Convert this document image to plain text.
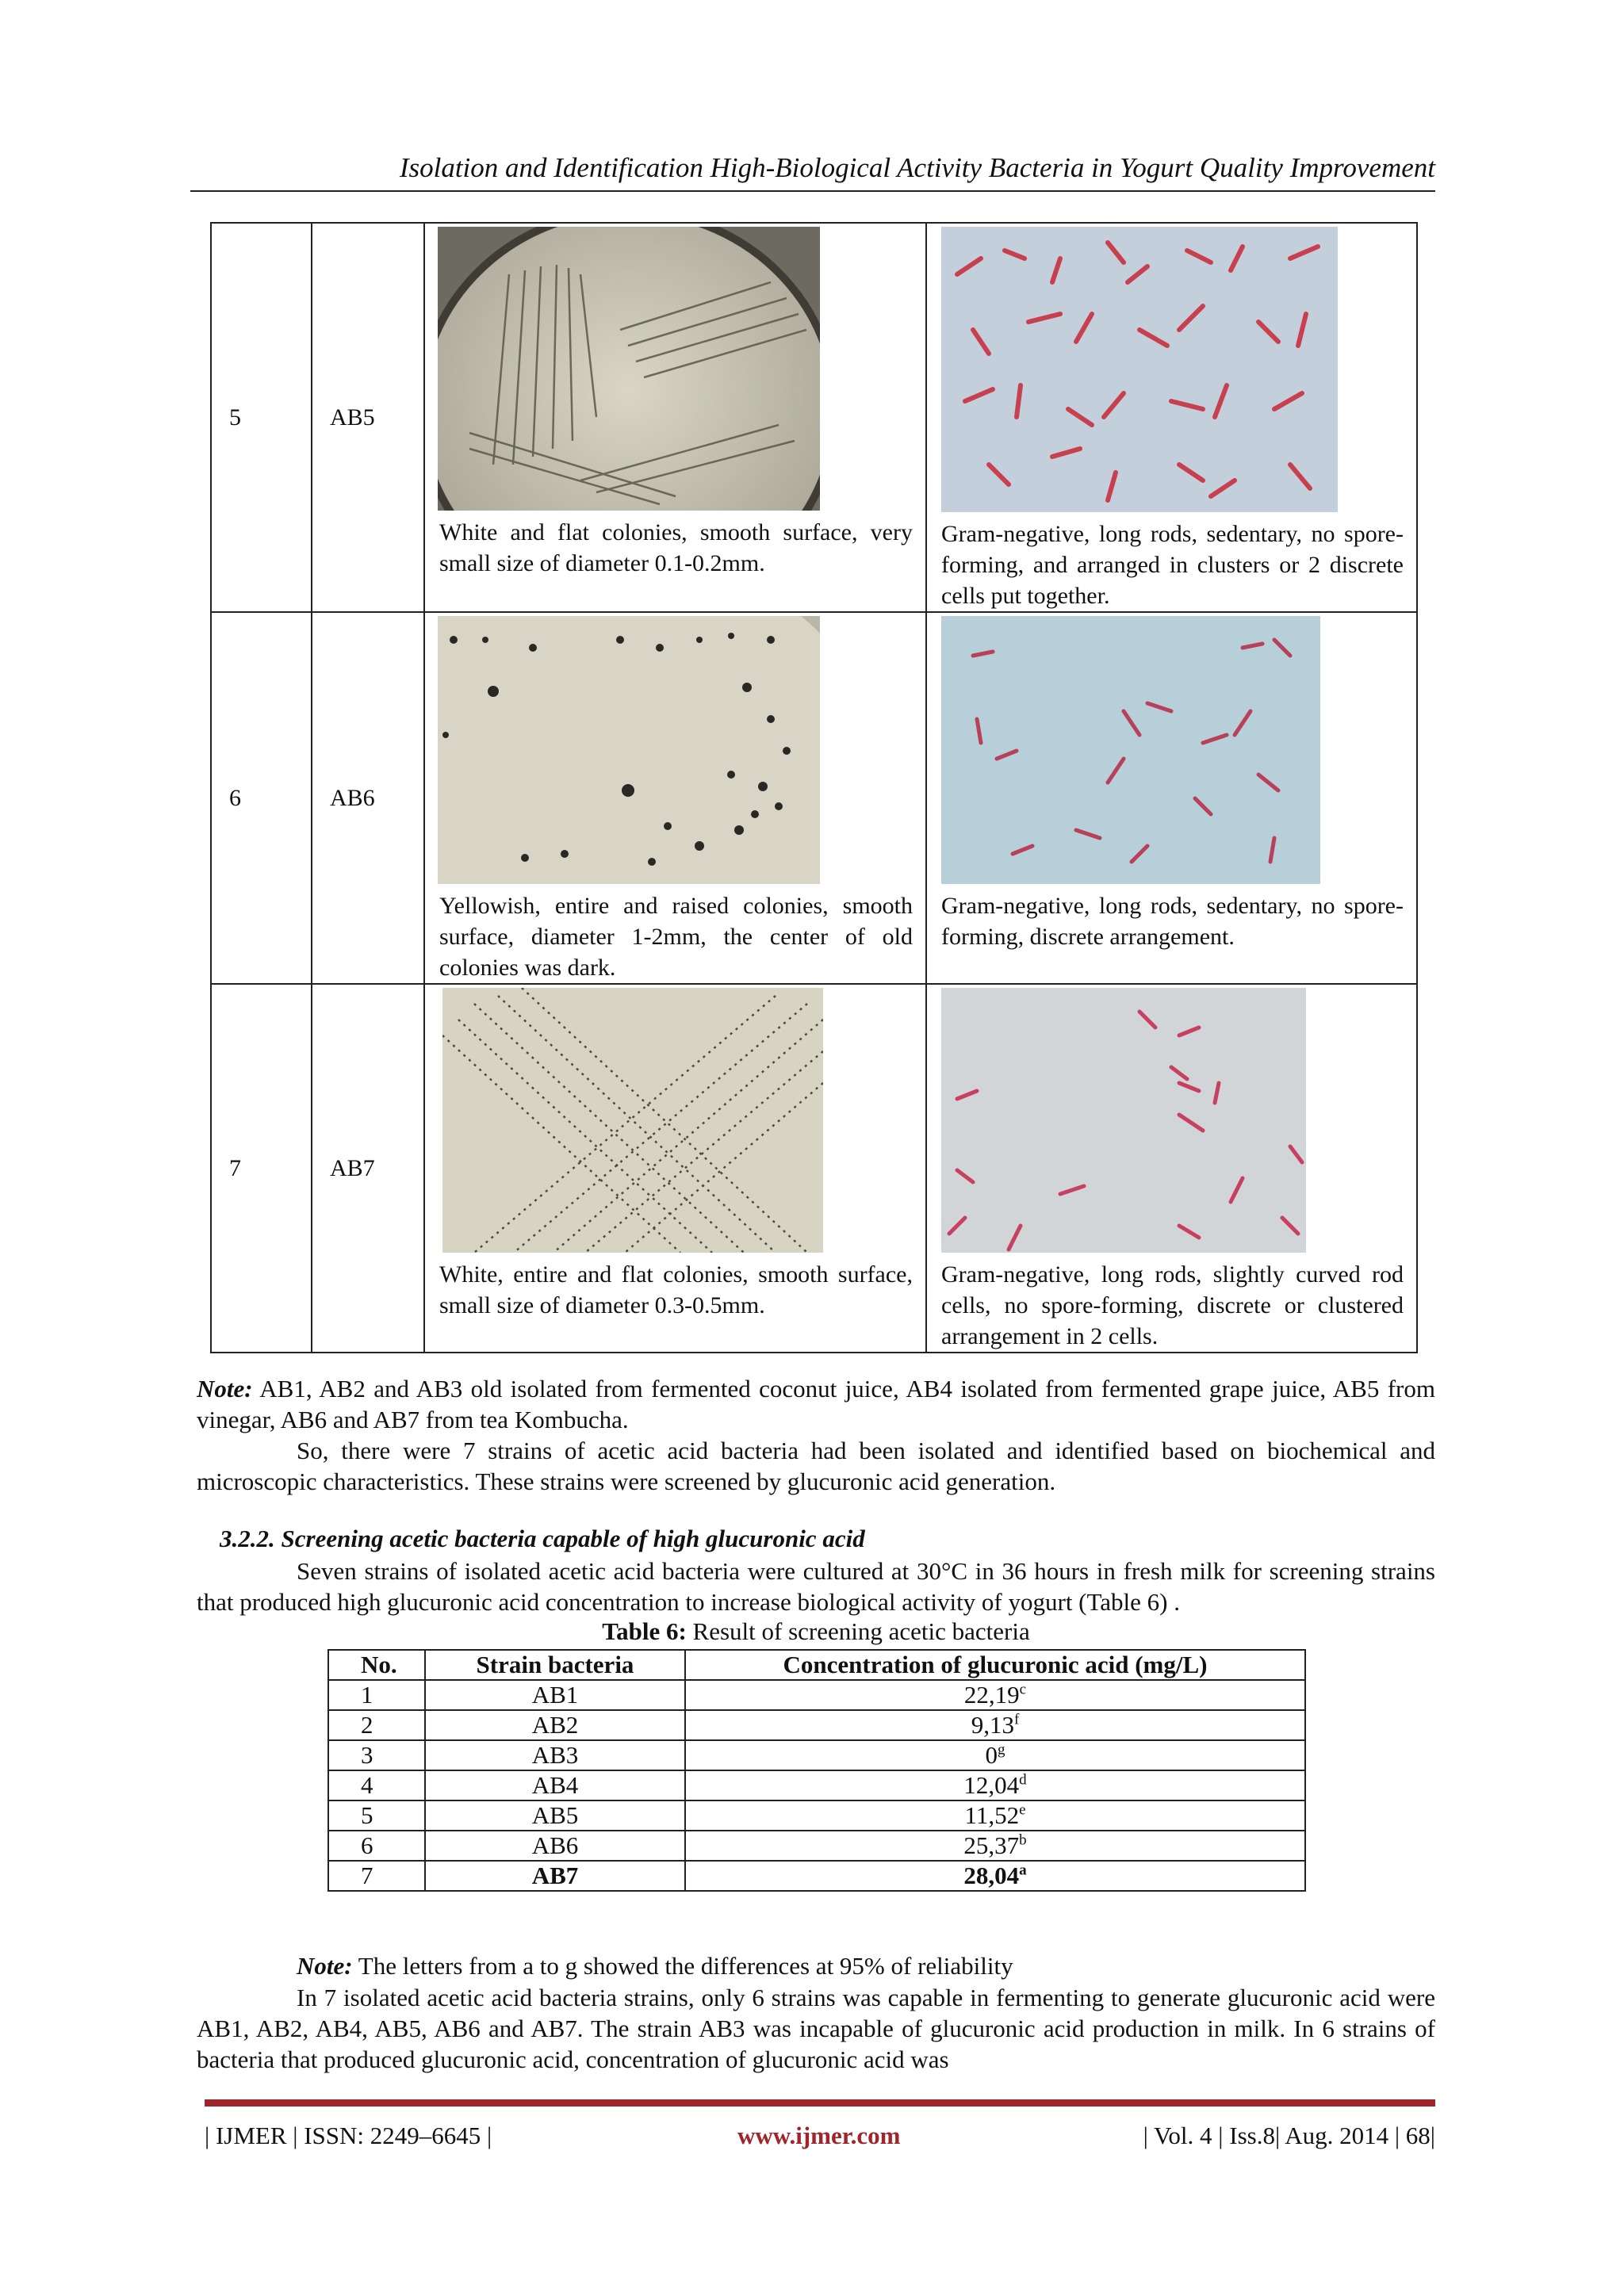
Isolation and Identification High-Biological Activity Bacteria in Yogurt Quality Improvement
5	AB5	White and flat colonies, smooth surface, very small size of diameter 0.1-0.2mm.	Gram-negative, long rods, sedentary, no spore-forming, and arranged in clusters or 2 discrete cells put together.

6	AB6	Yellowish, entire and raised colonies, smooth surface, diameter 1-2mm, the center of old colonies was dark.	Gram-negative, long rods, sedentary, no spore-forming, discrete arrangement.

7	AB7	White, entire and flat colonies, smooth surface, small size of diameter 0.3-0.5mm.	Gram-negative, long rods, slightly curved rod cells, no spore-forming, discrete or clustered arrangement in 2 cells.
Note: AB1, AB2 and AB3 old isolated from fermented coconut juice, AB4 isolated from fermented grape juice, AB5 from vinegar, AB6 and AB7 from tea Kombucha.
So, there were 7 strains of acetic acid bacteria had been isolated and identified based on biochemical and microscopic characteristics. These strains were screened by glucuronic acid generation.
3.2.2. Screening acetic bacteria capable of high glucuronic acid
Seven strains of isolated acetic acid bacteria were cultured at 30°C in 36 hours in fresh milk for screening strains that produced high glucuronic acid concentration to increase biological activity of yogurt (Table 6) .
Table 6: Result of screening acetic bacteria
No.	Strain bacteria	Concentration of glucuronic acid (mg/L)
1	AB1	22,19$^c$
2	AB2	9,13$^f$
3	AB3	0$^g$
4	AB4	12,04$^d$
5	AB5	11,52e
6	AB6	25,37$^b$
7	AB7	28,04$^a$
Note: The letters from a to g showed the differences at 95% of reliability
In 7 isolated acetic acid bacteria strains, only 6 strains was capable in fermenting to generate glucuronic acid were AB1, AB2, AB4, AB5, AB6 and AB7. The strain AB3 was incapable of glucuronic acid production in milk. In 6 strains of bacteria that produced glucuronic acid, concentration of glucuronic acid was
| IJMER | ISSN: 2249–6645 |	www.ijmer.com	| Vol. 4 | Iss.8| Aug. 2014 | 68|
